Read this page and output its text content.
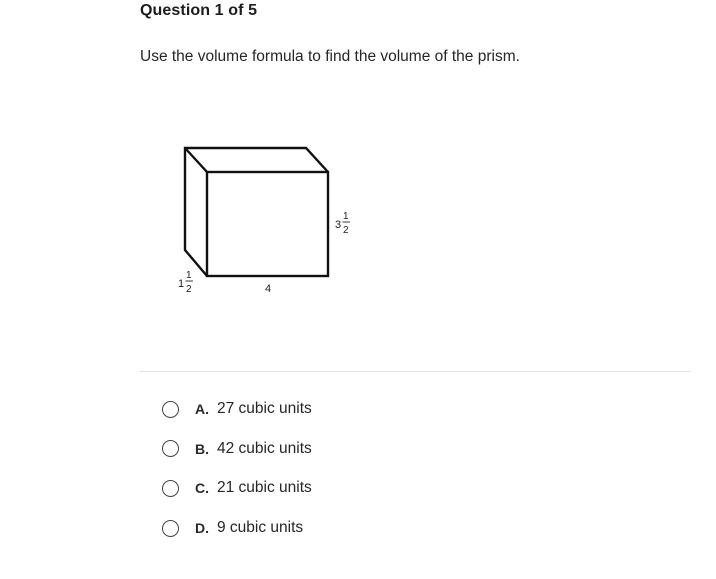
Question 1 of 5
Use the volume formula to find the volume of the prism.
3
1
2
1
1
2	4
A. 27 cubic units
B. 42 cubic units
C. 21 cubic units
D. 9 cubic units
